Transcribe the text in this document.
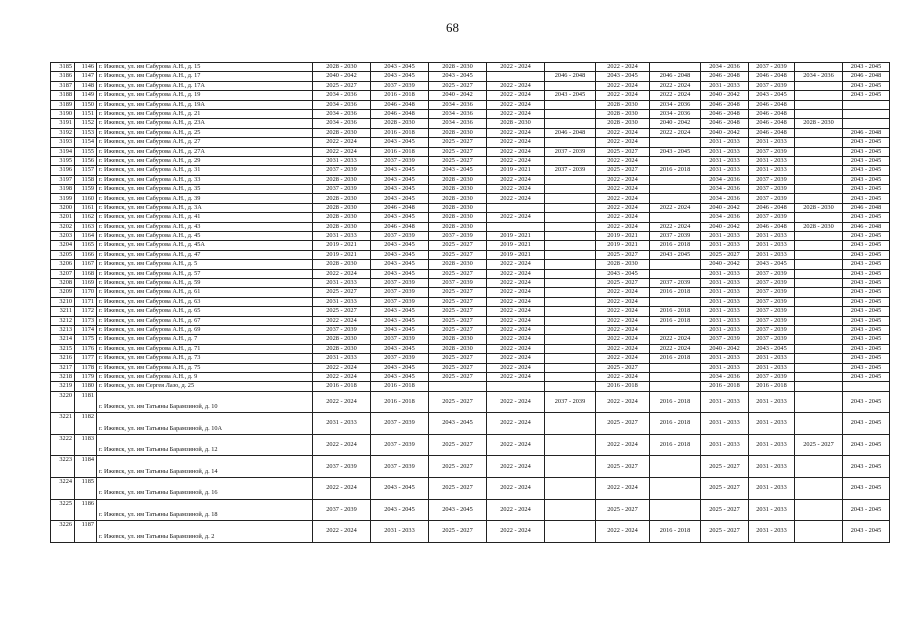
68
3185	1146	г. Ижевск, ул. им Сабурова А.Н., д. 15	2028 - 2030	2043 - 2045	2028 - 2030	2022 - 2024		2022 - 2024		2034 - 2036	2037 - 2039		2043 - 2045
3186	1147	г. Ижевск, ул. им Сабурова А.Н., д. 17	2040 - 2042	2043 - 2045	2043 - 2045		2046 - 2048	2043 - 2045	2046 - 2048	2046 - 2048	2046 - 2048	2034 - 2036	2046 - 2048
3187	1148	г. Ижевск, ул. им Сабурова А.Н., д. 17А	2025 - 2027	2037 - 2039	2025 - 2027	2022 - 2024		2022 - 2024	2022 - 2024	2031 - 2033	2037 - 2039		2043 - 2045
3188	1149	г. Ижевск, ул. им Сабурова А.Н., д. 19	2034 - 2036	2016 - 2018	2040 - 2042	2022 - 2024	2043 - 2045	2022 - 2024	2022 - 2024	2040 - 2042	2043 - 2045		2043 - 2045
3189	1150	г. Ижевск, ул. им Сабурова А.Н., д. 19А	2034 - 2036	2046 - 2048	2034 - 2036	2022 - 2024		2028 - 2030	2034 - 2036	2046 - 2048	2046 - 2048		
3190	1151	г. Ижевск, ул. им Сабурова А.Н., д. 21	2034 - 2036	2046 - 2048	2034 - 2036	2022 - 2024		2028 - 2030	2034 - 2036	2046 - 2048	2046 - 2048		
3191	1152	г. Ижевск, ул. им Сабурова А.Н., д. 23А	2034 - 2036	2028 - 2030	2034 - 2036	2028 - 2030		2028 - 2030	2040 - 2042	2046 - 2048	2046 - 2048	2028 - 2030	
3192	1153	г. Ижевск, ул. им Сабурова А.Н., д. 25	2028 - 2030	2016 - 2018	2028 - 2030	2022 - 2024	2046 - 2048	2022 - 2024	2022 - 2024	2040 - 2042	2046 - 2048		2046 - 2048
3193	1154	г. Ижевск, ул. им Сабурова А.Н., д. 27	2022 - 2024	2043 - 2045	2025 - 2027	2022 - 2024		2022 - 2024		2031 - 2033	2031 - 2033		2043 - 2045
3194	1155	г. Ижевск, ул. им Сабурова А.Н., д. 27А	2022 - 2024	2016 - 2018	2025 - 2027	2022 - 2024	2037 - 2039	2025 - 2027	2043 - 2045	2031 - 2033	2037 - 2039		2043 - 2045
3195	1156	г. Ижевск, ул. им Сабурова А.Н., д. 29	2031 - 2033	2037 - 2039	2025 - 2027	2022 - 2024		2022 - 2024		2031 - 2033	2031 - 2033		2043 - 2045
3196	1157	г. Ижевск, ул. им Сабурова А.Н., д. 31	2037 - 2039	2043 - 2045	2043 - 2045	2019 - 2021	2037 - 2039	2025 - 2027	2016 - 2018	2031 - 2033	2031 - 2033		2043 - 2045
3197	1158	г. Ижевск, ул. им Сабурова А.Н., д. 33	2028 - 2030	2043 - 2045	2028 - 2030	2022 - 2024		2022 - 2024		2034 - 2036	2037 - 2039		2043 - 2045
3198	1159	г. Ижевск, ул. им Сабурова А.Н., д. 35	2037 - 2039	2043 - 2045	2028 - 2030	2022 - 2024		2022 - 2024		2034 - 2036	2037 - 2039		2043 - 2045
3199	1160	г. Ижевск, ул. им Сабурова А.Н., д. 39	2028 - 2030	2043 - 2045	2028 - 2030	2022 - 2024		2022 - 2024		2034 - 2036	2037 - 2039		2043 - 2045
3200	1161	г. Ижевск, ул. им Сабурова А.Н., д. 3А	2028 - 2030	2046 - 2048	2028 - 2030			2022 - 2024	2022 - 2024	2040 - 2042	2046 - 2048	2028 - 2030	2046 - 2048
3201	1162	г. Ижевск, ул. им Сабурова А.Н., д. 41	2028 - 2030	2043 - 2045	2028 - 2030	2022 - 2024		2022 - 2024		2034 - 2036	2037 - 2039		2043 - 2045
3202	1163	г. Ижевск, ул. им Сабурова А.Н., д. 43	2028 - 2030	2046 - 2048	2028 - 2030			2022 - 2024	2022 - 2024	2040 - 2042	2046 - 2048	2028 - 2030	2046 - 2048
3203	1164	г. Ижевск, ул. им Сабурова А.Н., д. 45	2031 - 2033	2037 - 2039	2037 - 2039	2019 - 2021		2019 - 2021	2037 - 2039	2031 - 2033	2031 - 2033		2043 - 2045
3204	1165	г. Ижевск, ул. им Сабурова А.Н., д. 45А	2019 - 2021	2043 - 2045	2025 - 2027	2019 - 2021		2019 - 2021	2016 - 2018	2031 - 2033	2031 - 2033		2043 - 2045
3205	1166	г. Ижевск, ул. им Сабурова А.Н., д. 47	2019 - 2021	2043 - 2045	2025 - 2027	2019 - 2021		2025 - 2027	2043 - 2045	2025 - 2027	2031 - 2033		2043 - 2045
3206	1167	г. Ижевск, ул. им Сабурова А.Н., д. 5	2028 - 2030	2043 - 2045	2028 - 2030	2022 - 2024		2028 - 2030		2040 - 2042	2043 - 2045		2043 - 2045
3207	1168	г. Ижевск, ул. им Сабурова А.Н., д. 57	2022 - 2024	2043 - 2045	2025 - 2027	2022 - 2024		2043 - 2045		2031 - 2033	2037 - 2039		2043 - 2045
3208	1169	г. Ижевск, ул. им Сабурова А.Н., д. 59	2031 - 2033	2037 - 2039	2037 - 2039	2022 - 2024		2025 - 2027	2037 - 2039	2031 - 2033	2037 - 2039		2043 - 2045
3209	1170	г. Ижевск, ул. им Сабурова А.Н., д. 61	2025 - 2027	2037 - 2039	2025 - 2027	2022 - 2024		2022 - 2024	2016 - 2018	2031 - 2033	2037 - 2039		2043 - 2045
3210	1171	г. Ижевск, ул. им Сабурова А.Н., д. 63	2031 - 2033	2037 - 2039	2025 - 2027	2022 - 2024		2022 - 2024		2031 - 2033	2037 - 2039		2043 - 2045
3211	1172	г. Ижевск, ул. им Сабурова А.Н., д. 65	2025 - 2027	2043 - 2045	2025 - 2027	2022 - 2024		2022 - 2024	2016 - 2018	2031 - 2033	2037 - 2039		2043 - 2045
3212	1173	г. Ижевск, ул. им Сабурова А.Н., д. 67	2022 - 2024	2043 - 2045	2025 - 2027	2022 - 2024		2022 - 2024	2016 - 2018	2031 - 2033	2037 - 2039		2043 - 2045
3213	1174	г. Ижевск, ул. им Сабурова А.Н., д. 69	2037 - 2039	2043 - 2045	2025 - 2027	2022 - 2024		2022 - 2024		2031 - 2033	2037 - 2039		2043 - 2045
3214	1175	г. Ижевск, ул. им Сабурова А.Н., д. 7	2028 - 2030	2037 - 2039	2028 - 2030	2022 - 2024		2022 - 2024	2022 - 2024	2037 - 2039	2037 - 2039		2043 - 2045
3215	1176	г. Ижевск, ул. им Сабурова А.Н., д. 71	2028 - 2030	2043 - 2045	2028 - 2030	2022 - 2024		2022 - 2024	2022 - 2024	2040 - 2042	2043 - 2045		2043 - 2045
3216	1177	г. Ижевск, ул. им Сабурова А.Н., д. 73	2031 - 2033	2037 - 2039	2025 - 2027	2022 - 2024		2022 - 2024	2016 - 2018	2031 - 2033	2031 - 2033		2043 - 2045
3217	1178	г. Ижевск, ул. им Сабурова А.Н., д. 75	2022 - 2024	2043 - 2045	2025 - 2027	2022 - 2024		2025 - 2027		2031 - 2033	2031 - 2033		2043 - 2045
3218	1179	г. Ижевск, ул. им Сабурова А.Н., д. 9	2022 - 2024	2043 - 2045	2025 - 2027	2022 - 2024		2022 - 2024		2034 - 2036	2037 - 2039		2043 - 2045
3219	1180	г. Ижевск, ул. им Сергея Лазо, д. 25	2016 - 2018	2016 - 2018				2016 - 2018		2016 - 2018	2016 - 2018		
3220	1181	г. Ижевск, ул. им Татьяны Барамзиной, д. 10	2022 - 2024	2016 - 2018	2025 - 2027	2022 - 2024	2037 - 2039	2022 - 2024	2016 - 2018	2031 - 2033	2031 - 2033		2043 - 2045
3221	1182	г. Ижевск, ул. им Татьяны Барамзиной, д. 10А	2031 - 2033	2037 - 2039	2043 - 2045	2022 - 2024		2025 - 2027	2016 - 2018	2031 - 2033	2031 - 2033		2043 - 2045
3222	1183	г. Ижевск, ул. им Татьяны Барамзиной, д. 12	2022 - 2024	2037 - 2039	2025 - 2027	2022 - 2024		2022 - 2024	2016 - 2018	2031 - 2033	2031 - 2033	2025 - 2027	2043 - 2045
3223	1184	г. Ижевск, ул. им Татьяны Барамзиной, д. 14	2037 - 2039	2037 - 2039	2025 - 2027	2022 - 2024		2025 - 2027		2025 - 2027	2031 - 2033		2043 - 2045
3224	1185	г. Ижевск, ул. им Татьяны Барамзиной, д. 16	2022 - 2024	2043 - 2045	2025 - 2027	2022 - 2024		2022 - 2024		2025 - 2027	2031 - 2033		2043 - 2045
3225	1186	г. Ижевск, ул. им Татьяны Барамзиной, д. 18	2037 - 2039	2043 - 2045	2043 - 2045	2022 - 2024		2025 - 2027		2025 - 2027	2031 - 2033		2043 - 2045
3226	1187	г. Ижевск, ул. им Татьяны Барамзиной, д. 2	2022 - 2024	2031 - 2033	2025 - 2027	2022 - 2024		2022 - 2024	2016 - 2018	2025 - 2027	2031 - 2033		2043 - 2045
